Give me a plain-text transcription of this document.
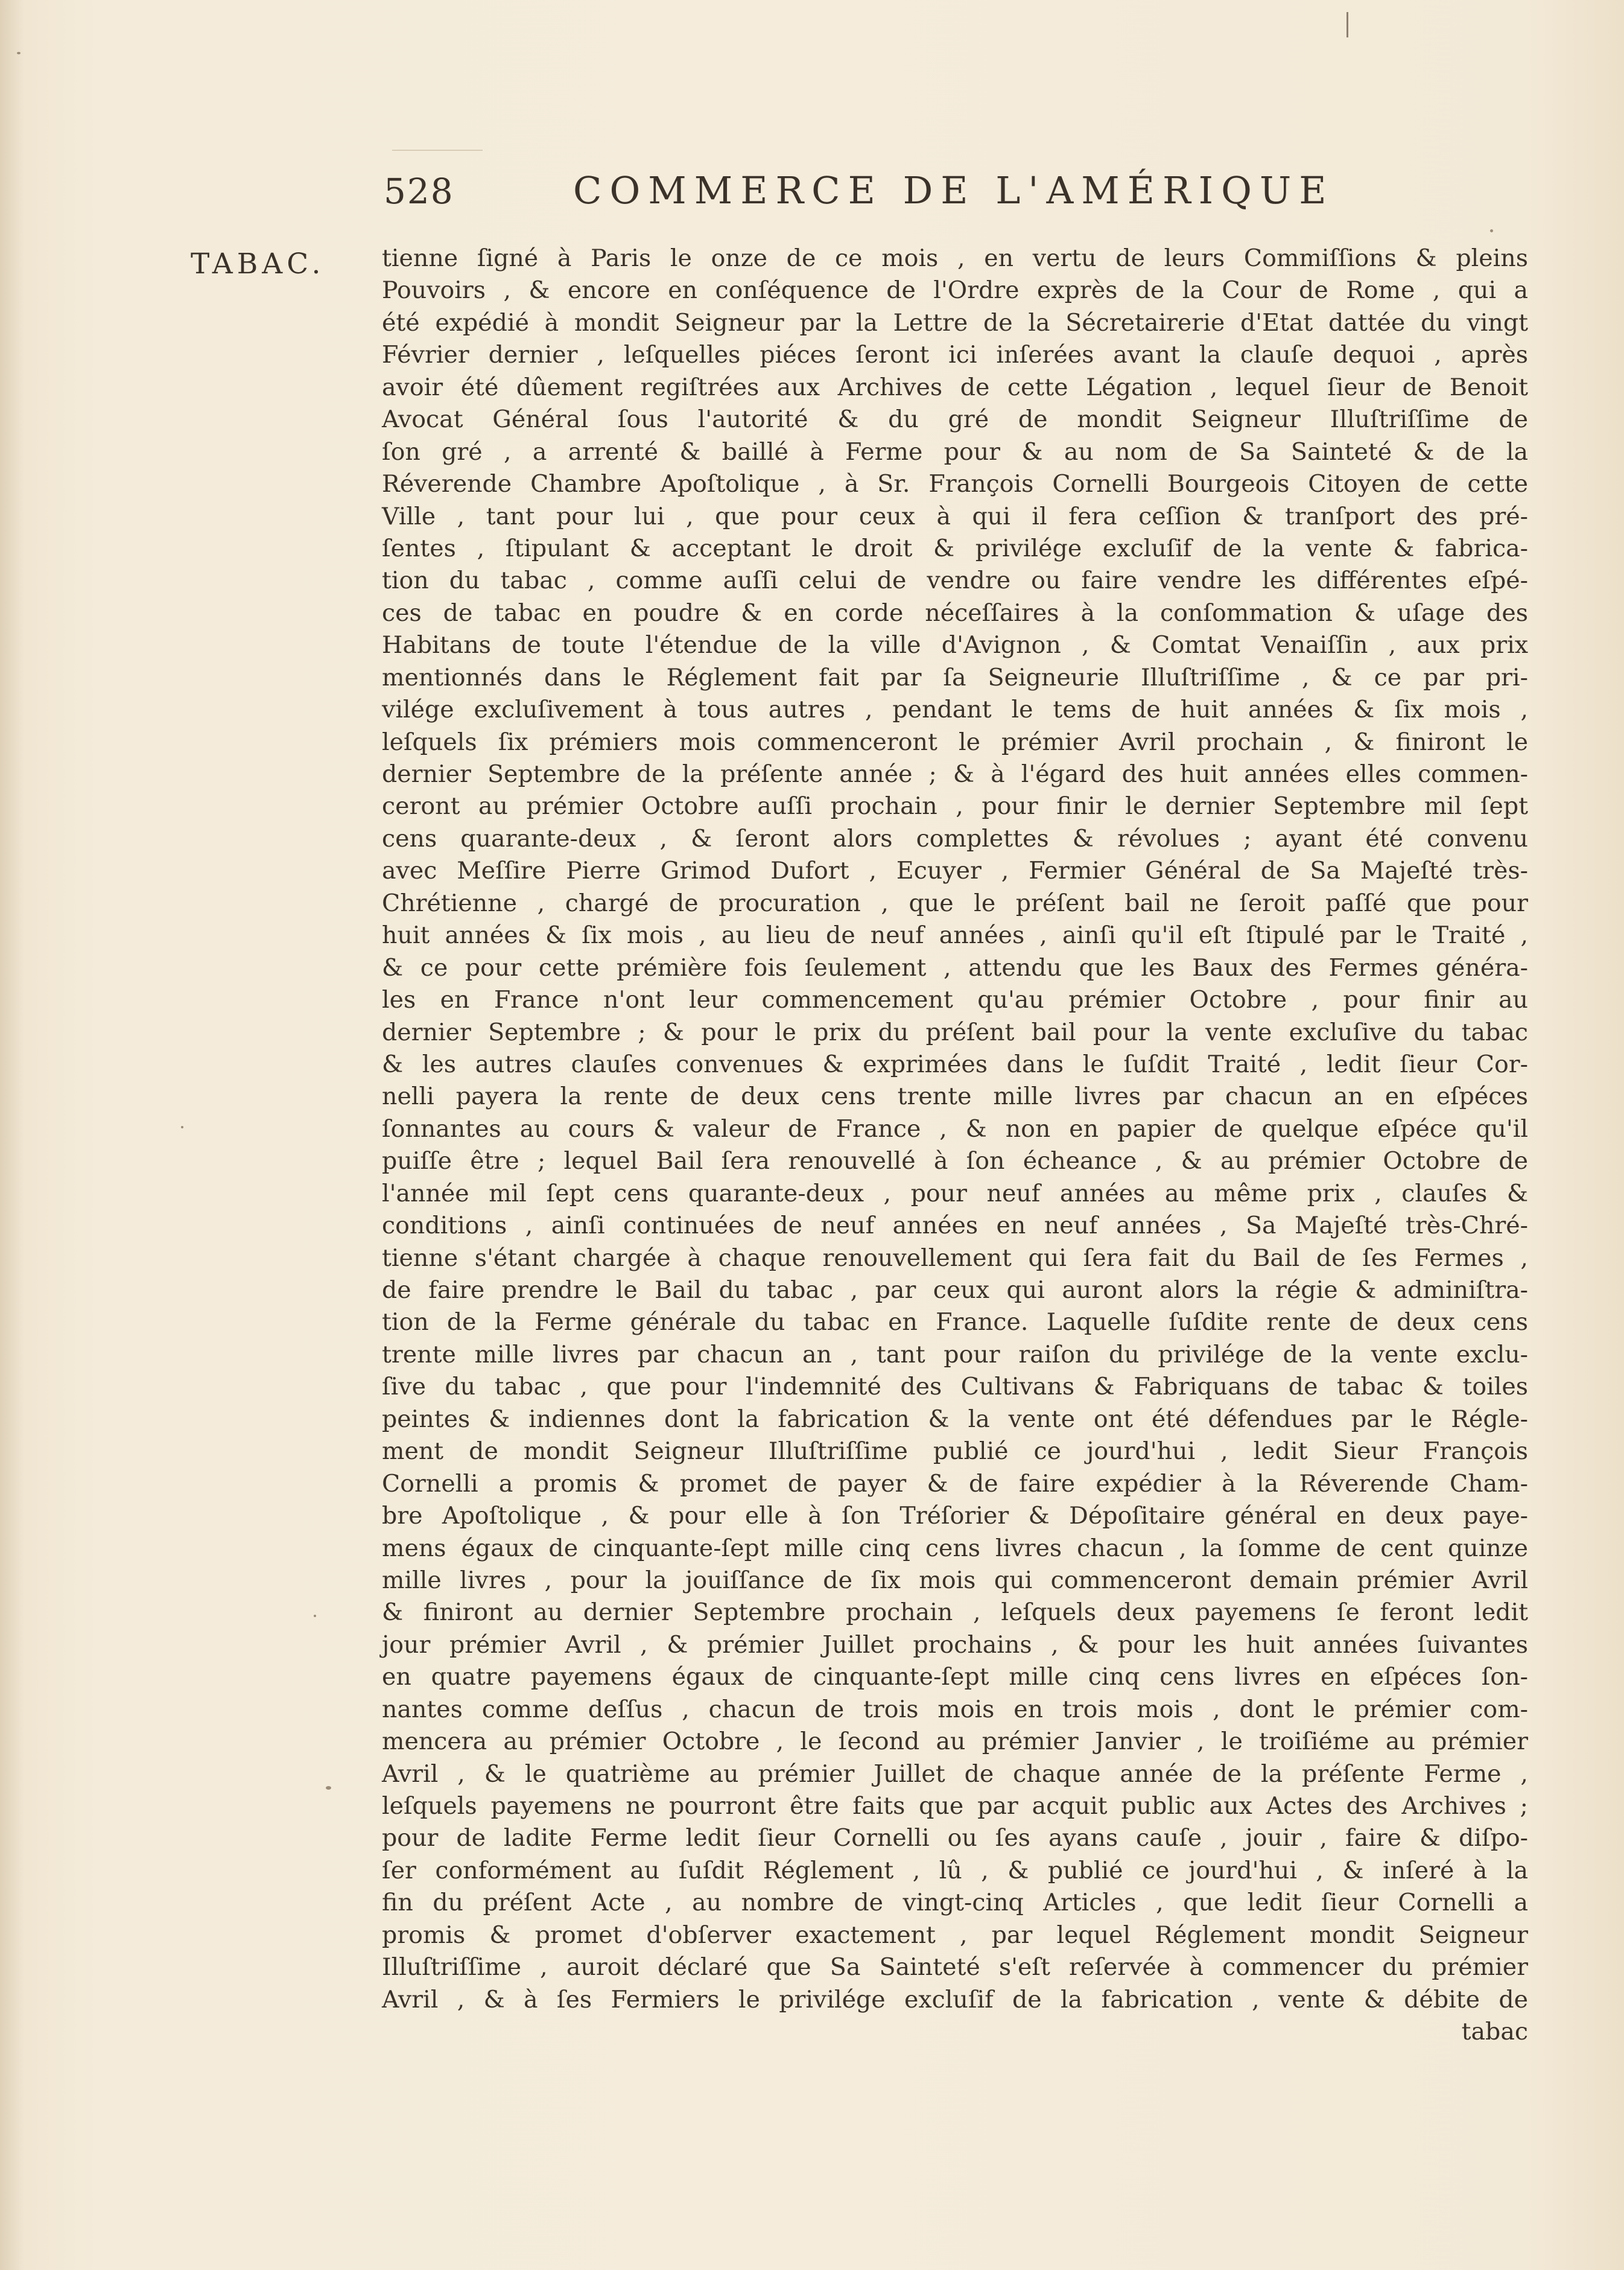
528	COMMERCE DE L'AMÉRIQUE
TABAC. tienne ſigné à Paris le onze de ce mois , en vertu de leurs Commiſſions & pleins
Pouvoirs , & encore en conſéquence de l'Ordre exprès de la Cour de Rome , qui a
été expédié à mondit Seigneur par la Lettre de la Sécretairerie d'Etat dattée du vingt
Février dernier , leſquelles piéces ſeront ici inſerées avant la clauſe dequoi , après
avoir été dûement regiſtrées aux Archives de cette Légation , lequel ſieur de Benoit
Avocat Général ſous l'autorité & du gré de mondit Seigneur Illuſtriſſime de
ſon gré , a arrenté & baillé à Ferme pour & au nom de Sa Sainteté & de la
Réverende Chambre Apoſtolique , à Sr. François Cornelli Bourgeois Citoyen de cette
Ville , tant pour lui , que pour ceux à qui il fera ceſſion & tranſport des pré-
ſentes , ſtipulant & acceptant le droit & privilége excluſif de la vente & fabrica-
tion du tabac , comme auſſi celui de vendre ou faire vendre les différentes eſpé-
ces de tabac en poudre & en corde néceſſaires à la conſommation & uſage des
Habitans de toute l'étendue de la ville d'Avignon , & Comtat Venaiſſin , aux prix
mentionnés dans le Réglement fait par ſa Seigneurie Illuſtriſſime , & ce par pri-
vilége excluſivement à tous autres , pendant le tems de huit années & ſix mois ,
leſquels ſix prémiers mois commenceront le prémier Avril prochain , & finiront le
dernier Septembre de la préſente année ; & à l'égard des huit années elles commen-
ceront au prémier Octobre auſſi prochain , pour finir le dernier Septembre mil ſept
cens quarante-deux , & ſeront alors complettes & révolues ; ayant été convenu
avec Meſſire Pierre Grimod Dufort , Ecuyer , Fermier Général de Sa Majeſté très-
Chrétienne , chargé de procuration , que le préſent bail ne ſeroit paſſé que pour
huit années & ſix mois , au lieu de neuf années , ainſi qu'il eſt ſtipulé par le Traité ,
& ce pour cette prémière fois ſeulement , attendu que les Baux des Fermes généra-
les en France n'ont leur commencement qu'au prémier Octobre , pour finir au
dernier Septembre ; & pour le prix du préſent bail pour la vente excluſive du tabac
& les autres clauſes convenues & exprimées dans le ſuſdit Traité , ledit ſieur Cor-
nelli payera la rente de deux cens trente mille livres par chacun an en eſpéces
ſonnantes au cours & valeur de France , & non en papier de quelque eſpéce qu'il
puiſſe être ; lequel Bail ſera renouvellé à ſon écheance , & au prémier Octobre de
l'année mil ſept cens quarante-deux , pour neuf années au même prix , clauſes &
conditions , ainſi continuées de neuf années en neuf années , Sa Majeſté très-Chré-
tienne s'étant chargée à chaque renouvellement qui ſera fait du Bail de ſes Fermes ,
de faire prendre le Bail du tabac , par ceux qui auront alors la régie & adminiſtra-
tion de la Ferme générale du tabac en France. Laquelle ſuſdite rente de deux cens
trente mille livres par chacun an , tant pour raiſon du privilége de la vente exclu-
ſive du tabac , que pour l'indemnité des Cultivans & Fabriquans de tabac & toiles
peintes & indiennes dont la fabrication & la vente ont été défendues par le Régle-
ment de mondit Seigneur Illuſtriſſime publié ce jourd'hui , ledit Sieur François
Cornelli a promis & promet de payer & de faire expédier à la Réverende Cham-
bre Apoſtolique , & pour elle à ſon Tréſorier & Dépoſitaire général en deux paye-
mens égaux de cinquante-ſept mille cinq cens livres chacun , la ſomme de cent quinze
mille livres , pour la jouiſſance de ſix mois qui commenceront demain prémier Avril
& finiront au dernier Septembre prochain , leſquels deux payemens ſe feront ledit
jour prémier Avril , & prémier Juillet prochains , & pour les huit années ſuivantes
en quatre payemens égaux de cinquante-ſept mille cinq cens livres en eſpéces ſon-
nantes comme deſſus , chacun de trois mois en trois mois , dont le prémier com-
mencera au prémier Octobre , le ſecond au prémier Janvier , le troiſiéme au prémier
Avril , & le quatrième au prémier Juillet de chaque année de la préſente Ferme ,
leſquels payemens ne pourront être faits que par acquit public aux Actes des Archives ;
pour de ladite Ferme ledit ſieur Cornelli ou ſes ayans cauſe , jouir , faire & diſpo-
ſer conformément au ſuſdit Réglement , lû , & publié ce jourd'hui , & inſeré à la
fin du préſent Acte , au nombre de vingt-cinq Articles , que ledit ſieur Cornelli a
promis & promet d'obſerver exactement , par lequel Réglement mondit Seigneur
Illuſtriſſime , auroit déclaré que Sa Sainteté s'eſt reſervée à commencer du prémier
Avril , & à ſes Fermiers le privilége excluſif de la fabrication , vente & débite de
tabac
